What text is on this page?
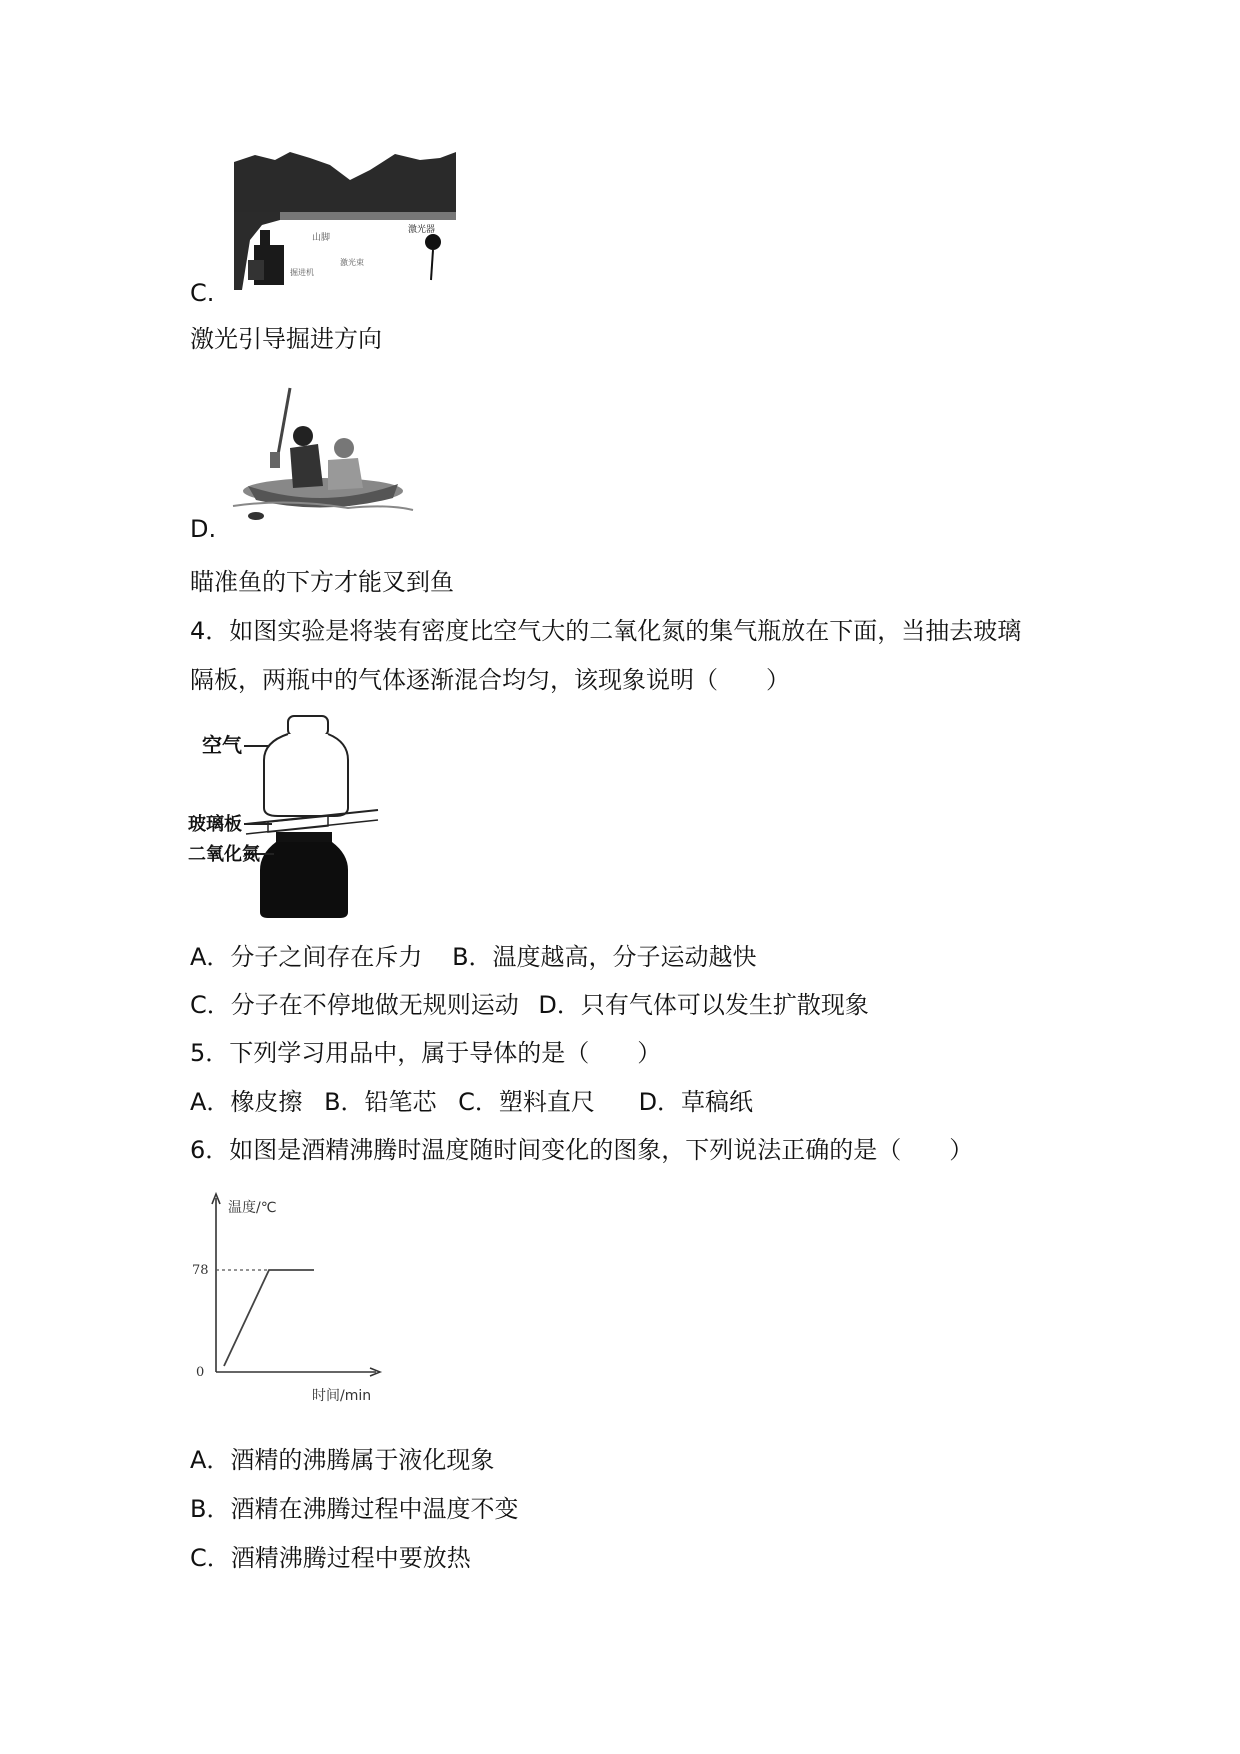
C.
山脚
激光器
激光束
掘进机
激光引导掘进方向
D.
瞄准鱼的下方才能叉到鱼
4．如图实验是将装有密度比空气大的二氧化氮的集气瓶放在下面，当抽去玻璃
隔板，两瓶中的气体逐渐混合均匀，该现象说明（　　）
空气
玻璃板
二氧化氮
A．分子之间存在斥力 B．温度越高，分子运动越快
C．分子在不停地做无规则运动 D．只有气体可以发生扩散现象
5．下列学习用品中，属于导体的是（　　）
A．橡皮擦 B．铅笔芯 C．塑料直尺 D．草稿纸
6．如图是酒精沸腾时温度随时间变化的图象，下列说法正确的是（　　）
温度/℃
时间/min
0
78
A．酒精的沸腾属于液化现象
B．酒精在沸腾过程中温度不变
C．酒精沸腾过程中要放热
